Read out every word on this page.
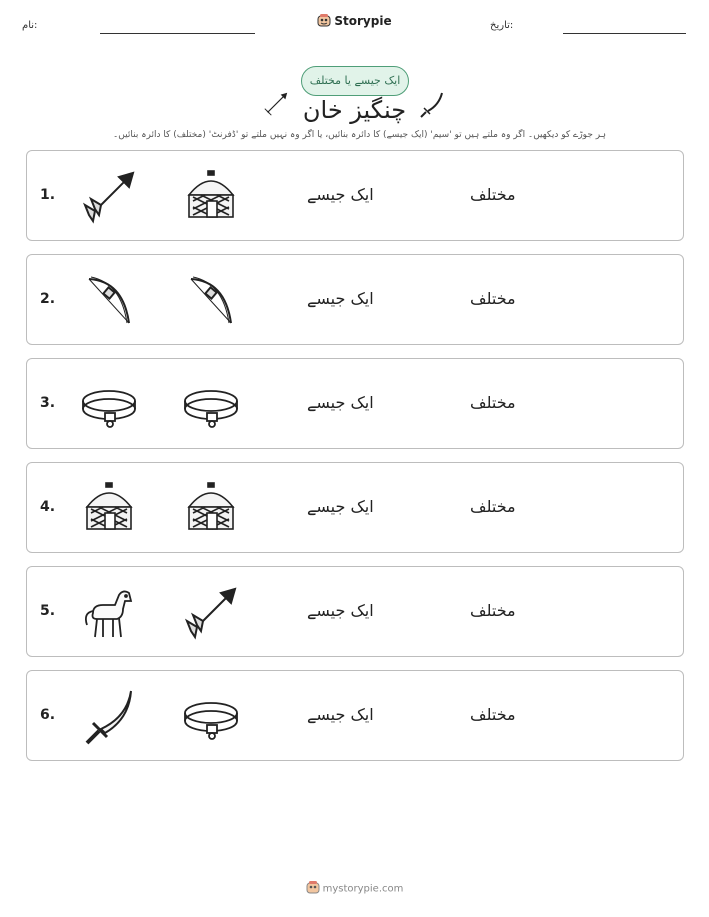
نام:	Storypie	تاریخ:
ایک جیسے یا مختلف
چنگیز خان
ہر جوڑے کو دیکھیں۔ اگر وہ ملتے ہیں تو 'سیم' (ایک جیسے) کا دائرہ بنائیں، یا اگر وہ نہیں ملتے تو 'ڈفرنٹ' (مختلف) کا دائرہ بنائیں۔
1.	ایک جیسے	مختلف
2.	ایک جیسے	مختلف
3.	ایک جیسے	مختلف
4.	ایک جیسے	مختلف
5.	ایک جیسے	مختلف
6.	ایک جیسے	مختلف
mystorypie.com
